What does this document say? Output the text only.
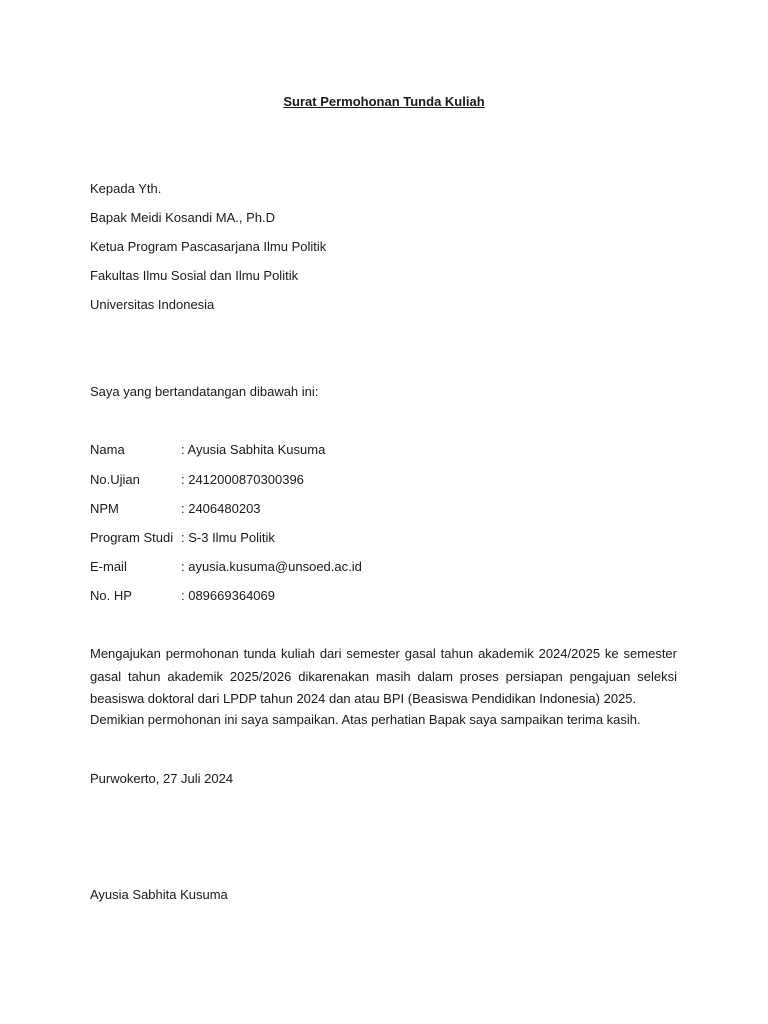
Surat Permohonan Tunda Kuliah
Kepada Yth.
Bapak Meidi Kosandi MA., Ph.D
Ketua Program Pascasarjana Ilmu Politik
Fakultas Ilmu Sosial dan Ilmu Politik
Universitas Indonesia
Saya yang bertandatangan dibawah ini:
Nama	: Ayusia Sabhita Kusuma
No.Ujian	: 2412000870300396
NPM	: 2406480203
Program Studi : S-3 Ilmu Politik
E-mail	: ayusia.kusuma@unsoed.ac.id
No. HP	: 089669364069
Mengajukan permohonan tunda kuliah dari semester gasal tahun akademik 2024/2025 ke semester gasal tahun akademik 2025/2026 dikarenakan masih dalam proses persiapan pengajuan seleksi beasiswa doktoral dari LPDP tahun 2024 dan atau BPI (Beasiswa Pendidikan Indonesia) 2025.
Demikian permohonan ini saya sampaikan. Atas perhatian Bapak saya sampaikan terima kasih.
Purwokerto, 27 Juli 2024
Ayusia Sabhita Kusuma
